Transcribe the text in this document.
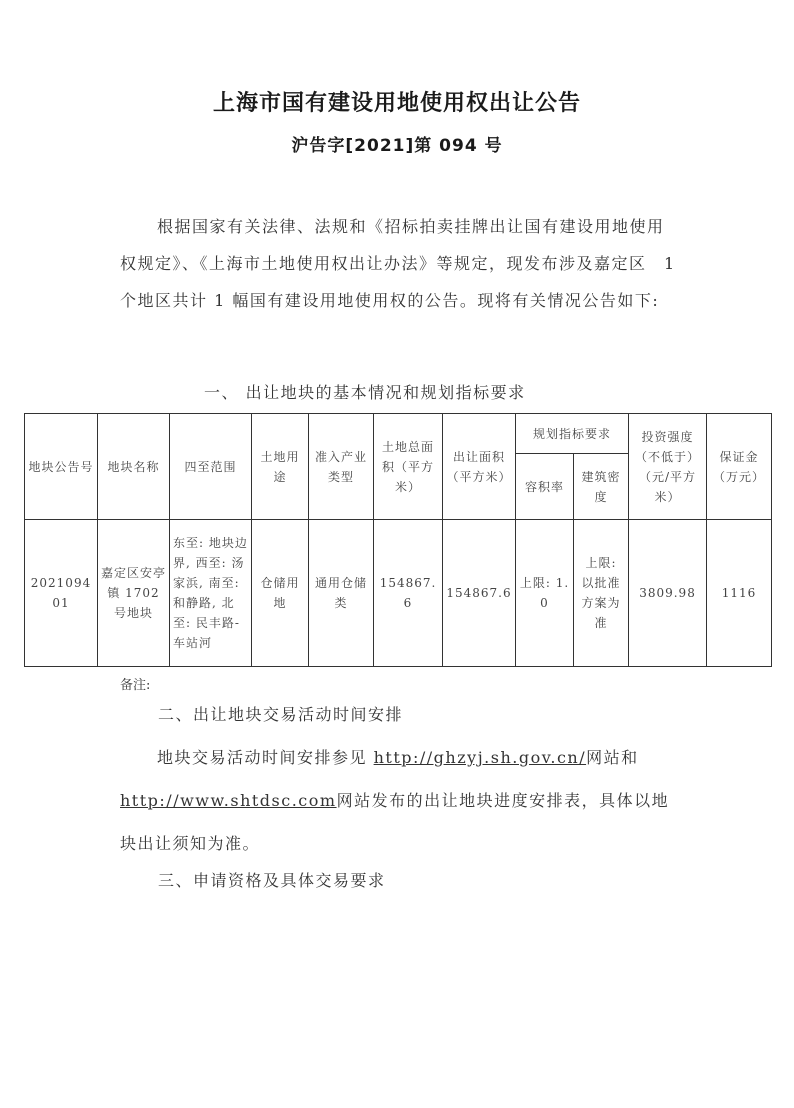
上海市国有建设用地使用权出让公告
沪告字[2021]第 094 号
根据国家有关法律、法规和《招标拍卖挂牌出让国有建设用地使用权规定》、《上海市土地使用权出让办法》等规定，现发布涉及嘉定区　1 个地区共计 1 幅国有建设用地使用权的公告。现将有关情况公告如下:
一、 出让地块的基本情况和规划指标要求
地块公告号	地块名称	四至范围	土地用途	准入产业类型	土地总面积（平方米）	出让面积（平方米）	规划指标要求		投资强度（不低于）（元/平方米）	保证金（万元）
							容积率	建筑密度		
202109401	嘉定区安亭镇 1702 号地块	东至: 地块边界, 西至: 汤家浜, 南至: 和静路, 北至: 民丰路-车站河	仓储用地	通用仓储类	154867.6	154867.6	上限: 1.0	上限: 以批准方案为准	3809.98	1116
备注:
二、出让地块交易活动时间安排
地块交易活动时间安排参见 http://ghzyj.sh.gov.cn/网站和http://www.shtdsc.com网站发布的出让地块进度安排表，具体以地块出让须知为准。
三、申请资格及具体交易要求
